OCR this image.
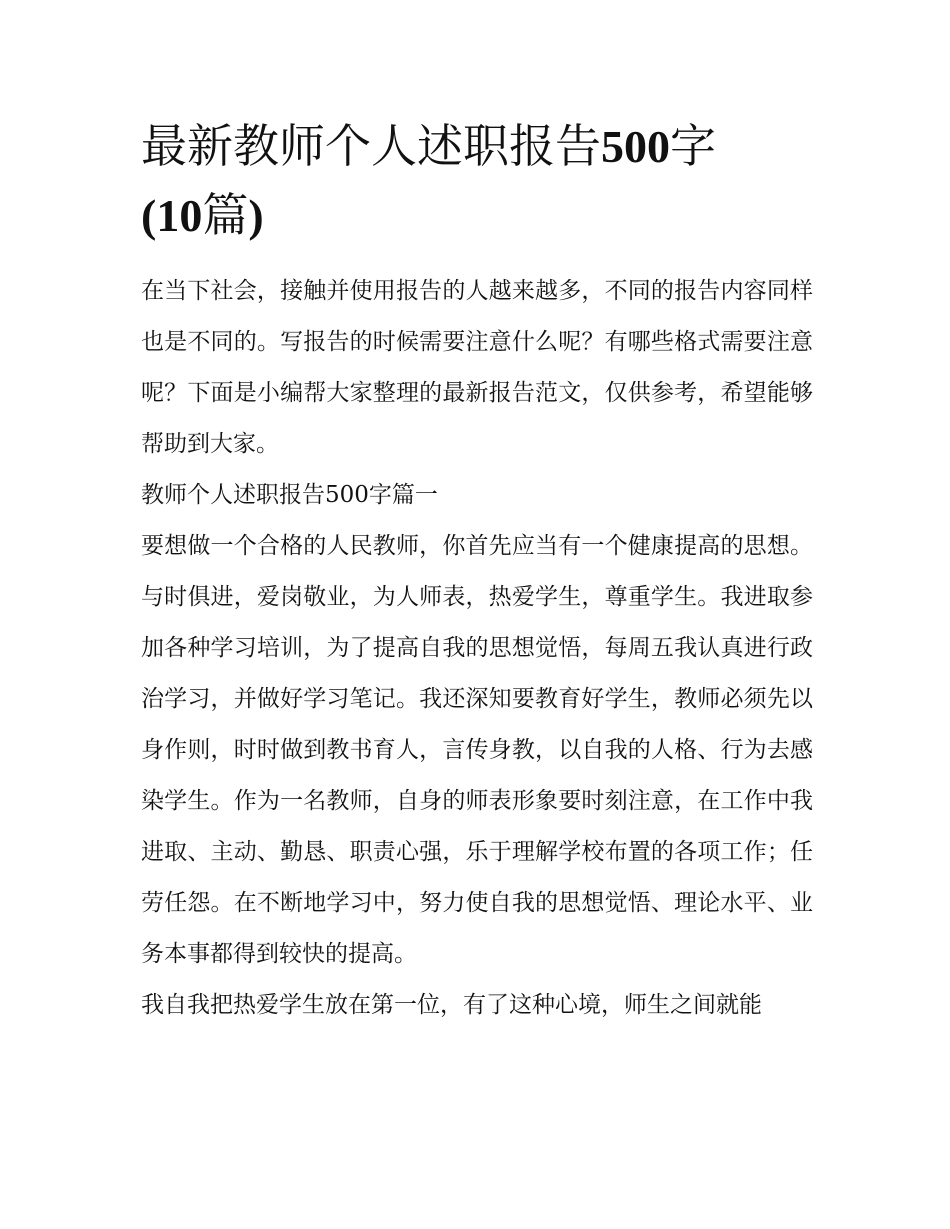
最新教师个人述职报告500字
(10篇)

在当下社会，接触并使用报告的人越来越多，不同的报告内容同样也是不同的。写报告的时候需要注意什么呢？有哪些格式需要注意呢？下面是小编帮大家整理的最新报告范文，仅供参考，希望能够帮助到大家。

教师个人述职报告500字篇一

要想做一个合格的人民教师，你首先应当有一个健康提高的思想。与时俱进，爱岗敬业，为人师表，热爱学生，尊重学生。我进取参加各种学习培训，为了提高自我的思想觉悟，每周五我认真进行政治学习，并做好学习笔记。我还深知要教育好学生，教师必须先以身作则，时时做到教书育人，言传身教，以自我的人格、行为去感染学生。作为一名教师，自身的师表形象要时刻注意，在工作中我进取、主动、勤恳、职责心强，乐于理解学校布置的各项工作；任劳任怨。在不断地学习中，努力使自我的思想觉悟、理论水平、业务本事都得到较快的提高。

我自我把热爱学生放在第一位，有了这种心境，师生之间就能
